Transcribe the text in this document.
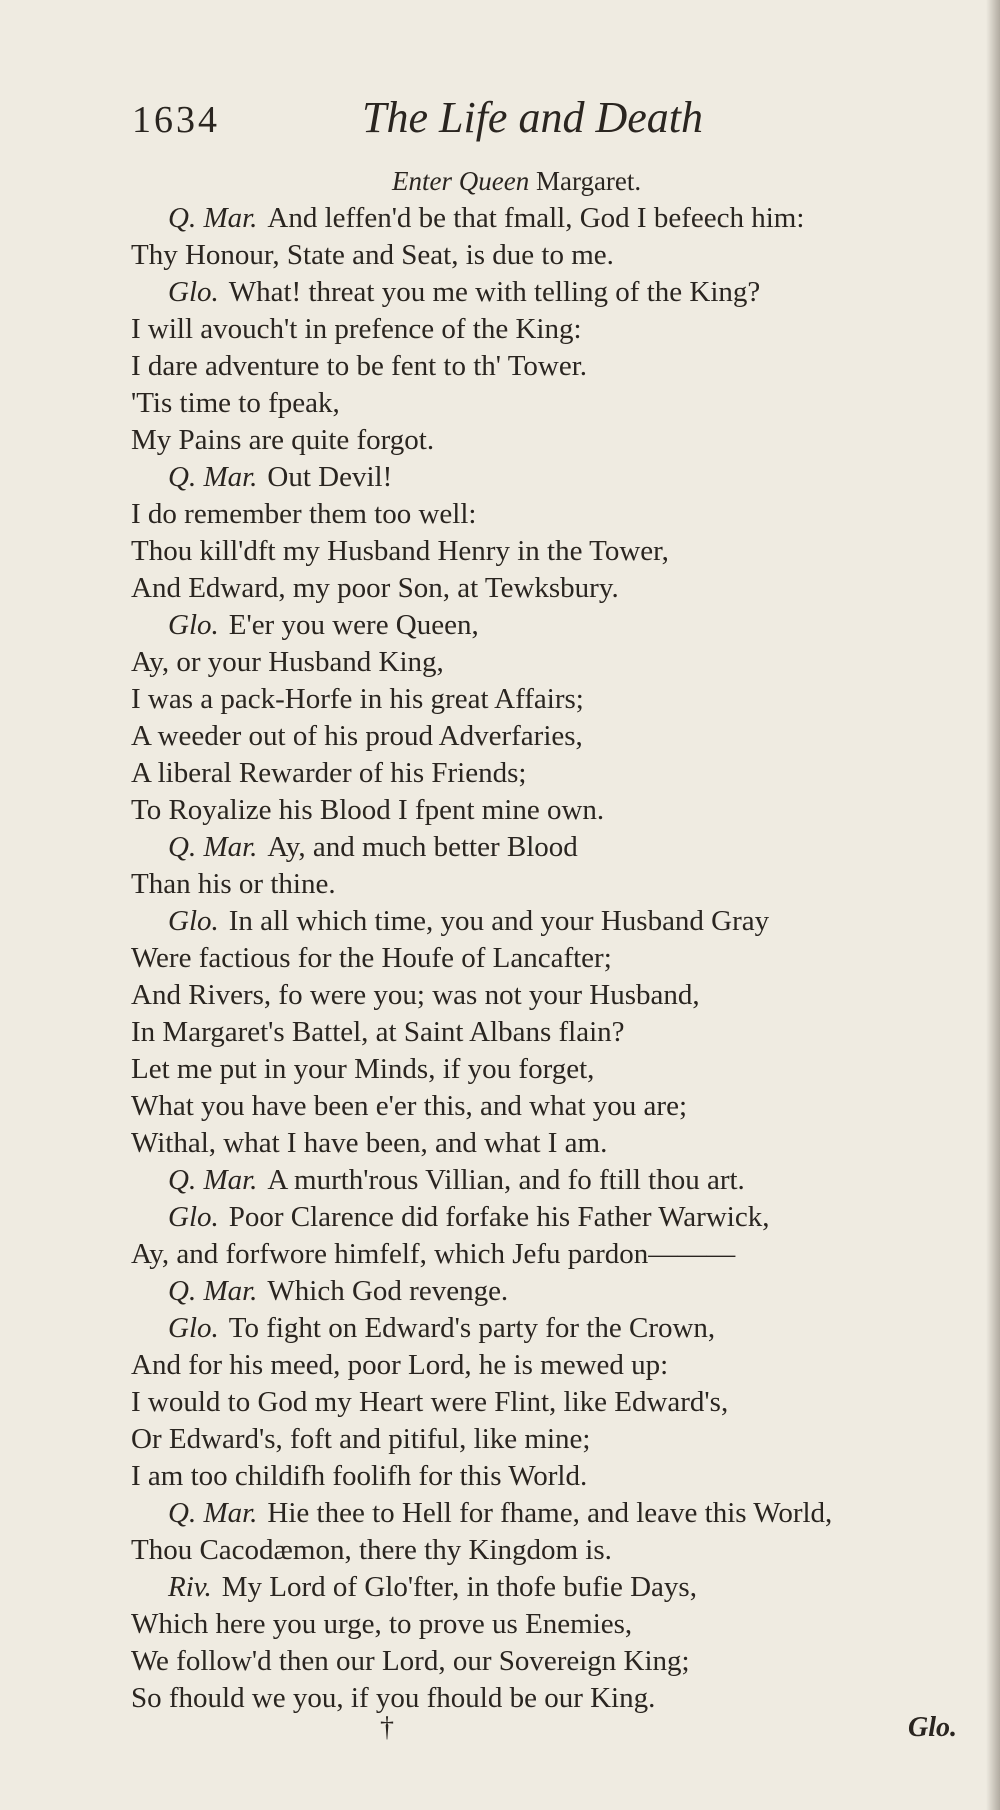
1634	The Life and Death
Enter Queen Margaret.
Q. Mar. And leffen'd be that fmall, God I befeech him:
Thy Honour, State and Seat, is due to me.
Glo. What! threat you me with telling of the King?
I will avouch't in prefence of the King:
I dare adventure to be fent to th' Tower.
'Tis time to fpeak,
My Pains are quite forgot.
Q. Mar. Out Devil!
I do remember them too well:
Thou kill'dft my Husband Henry in the Tower,
And Edward, my poor Son, at Tewksbury.
Glo. E'er you were Queen,
Ay, or your Husband King,
I was a pack-Horfe in his great Affairs;
A weeder out of his proud Adverfaries,
A liberal Rewarder of his Friends;
To Royalize his Blood I fpent mine own.
Q. Mar. Ay, and much better Blood
Than his or thine.
Glo. In all which time, you and your Husband Gray
Were factious for the Houfe of Lancafter;
And Rivers, fo were you; was not your Husband,
In Margaret's Battel, at Saint Albans flain?
Let me put in your Minds, if you forget,
What you have been e'er this, and what you are;
Withal, what I have been, and what I am.
Q. Mar. A murth'rous Villian, and fo ftill thou art.
Glo. Poor Clarence did forfake his Father Warwick,
Ay, and forfwore himfelf, which Jefu pardon———
Q. Mar. Which God revenge.
Glo. To fight on Edward's party for the Crown,
And for his meed, poor Lord, he is mewed up:
I would to God my Heart were Flint, like Edward's,
Or Edward's, foft and pitiful, like mine;
I am too childifh foolifh for this World.
Q. Mar. Hie thee to Hell for fhame, and leave this World,
Thou Cacodæmon, there thy Kingdom is.
Riv. My Lord of Glo'fter, in thofe bufie Days,
Which here you urge, to prove us Enemies,
We follow'd then our Lord, our Sovereign King;
So fhould we you, if you fhould be our King.
†	Glo.
